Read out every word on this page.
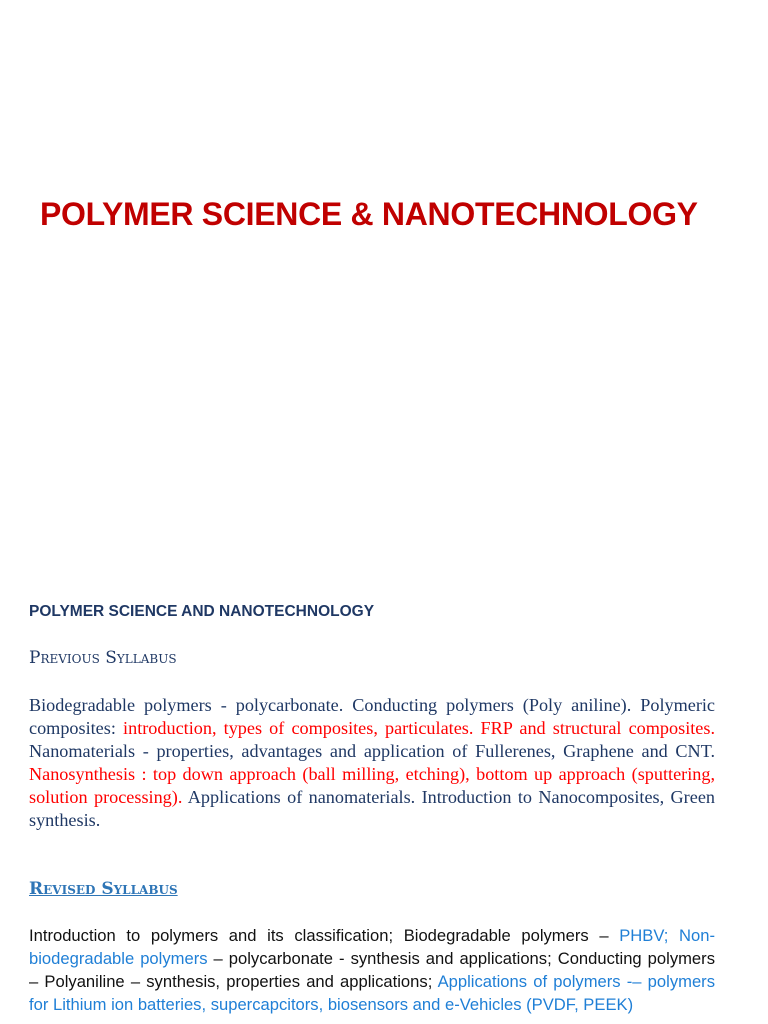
POLYMER SCIENCE & NANOTECHNOLOGY
POLYMER SCIENCE AND NANOTECHNOLOGY
Previous Syllabus

Biodegradable polymers - polycarbonate. Conducting polymers (Poly aniline). Polymeric composites: introduction, types of composites, particulates. FRP and structural composites. Nanomaterials - properties, advantages and application of Fullerenes, Graphene and CNT. Nanosynthesis : top down approach (ball milling, etching), bottom up approach (sputtering, solution processing). Applications of nanomaterials. Introduction to Nanocomposites, Green synthesis.

Revised Syllabus

Introduction to polymers and its classification; Biodegradable polymers – PHBV; Non-biodegradable polymers – polycarbonate - synthesis and applications; Conducting polymers – Polyaniline – synthesis, properties and applications; Applications of polymers -– polymers for Lithium ion batteries, supercapcitors, biosensors and e-Vehicles (PVDF, PEEK)
